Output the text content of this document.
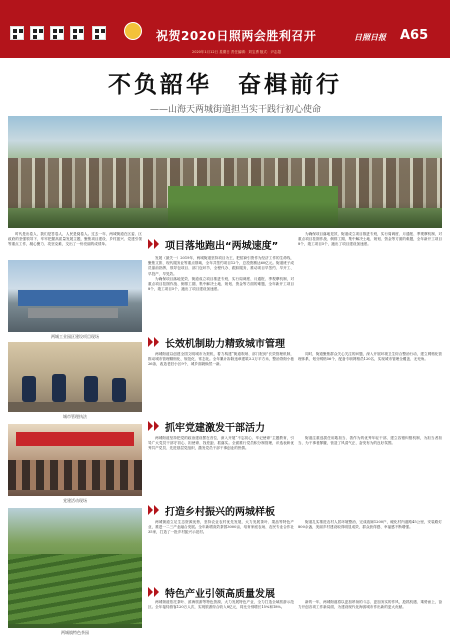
祝贺2020日照两会胜利召开
2020年1月12日 星期日 责任编辑：刘宝勇 版式：尹志超
日照日报 A65
不负韶华　奋楫前行
——山海天两城街道担当实干践行初心使命

时代是出卷人，我们是答卷人，人民是阅卷人。过去一年，两城街道在区委、区政府的坚强领导下，牢牢把握高质量发展主题，聚焦项目建设、乡村振兴、党建引领等重点工作，凝心聚力、攻坚克难，交出了一份亮丽的成绩单。

两城工业园区建设项目现场
城市管理执法
党建活动现场
两城镇特色茶园
项目落地跑出“两城速度”

发展（最关一）2019年，两城街道坚持项目为王，把招商引资作为经济工作的生命线，聚焦文旅、现代服务业等重点领域，全年共签约项目12个，总投资额达60亿元。街道班子成员靠前指挥，领导包项目、部门包环节，全程代办、跟踪服务，推动项目早签约、早开工、早投产、早见效。

为确保项目落地见效，街道成立项目推进专班，实行周调度、月通报、季观摩机制，对重点项目挂图作战、倒排工期，集中解决土地、规划、资金等方面的难题，全年新开工项目8个，竣工项目5个，跑出了项目建设加速度。

为确保项目落地见效，街道成立项目推进专班，实行周调度、月通报、季观摩机制，对重点项目挂图作战、倒排工期，集中解决土地、规划、资金等方面的难题，全年新开工项目8个，竣工项目5个，跑出了项目建设加速度。

长效机制助力精致城市管理

两城街道以创建全国文明城市为契机，着力构建“街道吹哨、部门报到”长效管理机制，推动城市管理精细化、规范化、常态化。全年累计拆除违章建筑3.2万平方米，整治背街小巷26条，改造老旧小区9个，城乡面貌焕然一新。

同时，街道聚焦群众关心关注的问题，深入开展环境卫生综合整治行动，建立网格化管理体系，划分网格56个，配备专职网格员120名，实现城市管理全覆盖、无死角。

抓牢党建激发干部活力

两城街道坚持把党的政治建设摆在首位，深入开展“不忘初心、牢记使命”主题教育，引导广大党员干部守初心、担使命、找差距、抓落实。全面推行党员积分制管理，评选表彰优秀共产党员、先进基层党组织，激发党员干部干事创业的热情。

街道注重选拔任用敢担当、善作为的优秀年轻干部，建立容错纠错机制，为担当者担当、为干事者撑腰，营造了风清气正、奋发有为的良好氛围。

打造乡村振兴的两城样板

两城街道立足生态资源优势，坚持农业农村优先发展，大力发展茶叶、果品等特色产业，推进一二三产业融合发展。全年新增高效茶园3000亩，培育家庭农场、农民专业合作社35家，打造了一批乡村振兴示范村。

街道扎实推进农村人居环境整治，完成改厕1200户，硬化村内道路45公里，安装路灯800余盏，美丽乡村建设取得明显成效，群众获得感、幸福感不断增强。

特色产业引领高质量发展

两城街道依托茶叶、滨海旅游等特色资源，大力发展特色产业，全力打造全域旅游示范区。全年接待游客120万人次，实现旅游综合收入8亿元，同比分别增长15%和18%。

新的一年，两城街道将以更加昂扬的斗志、更加务实的作风，抢抓机遇、乘势而上，奋力开创各项工作新局面，为建设现代化海滨城市作出新的更大贡献。
